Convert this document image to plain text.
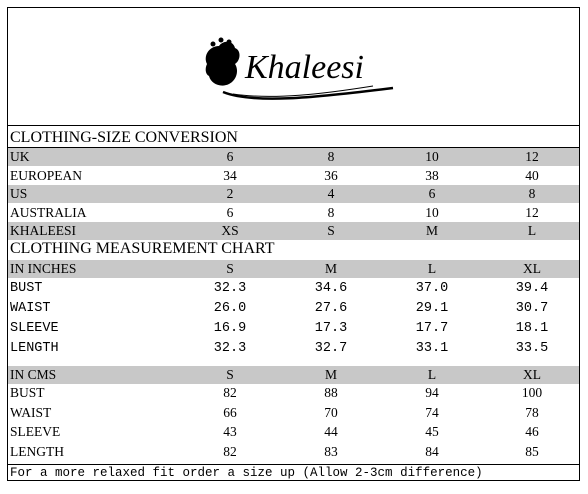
Khaleesi
CLOTHING-SIZE CONVERSION
UK	6	8	10	12
EUROPEAN	34	36	38	40
US	2	4	6	8
AUSTRALIA	6	8	10	12
KHALEESI	XS	S	M	L
CLOTHING MEASUREMENT CHART
IN INCHES	S	M	L	XL
BUST	32.3	34.6	37.0	39.4
WAIST	26.0	27.6	29.1	30.7
SLEEVE	16.9	17.3	17.7	18.1
LENGTH	32.3	32.7	33.1	33.5
IN CMS	S	M	L	XL
BUST	82	88	94	100
WAIST	66	70	74	78
SLEEVE	43	44	45	46
LENGTH	82	83	84	85
For a more relaxed fit order a size up (Allow 2-3cm difference)
